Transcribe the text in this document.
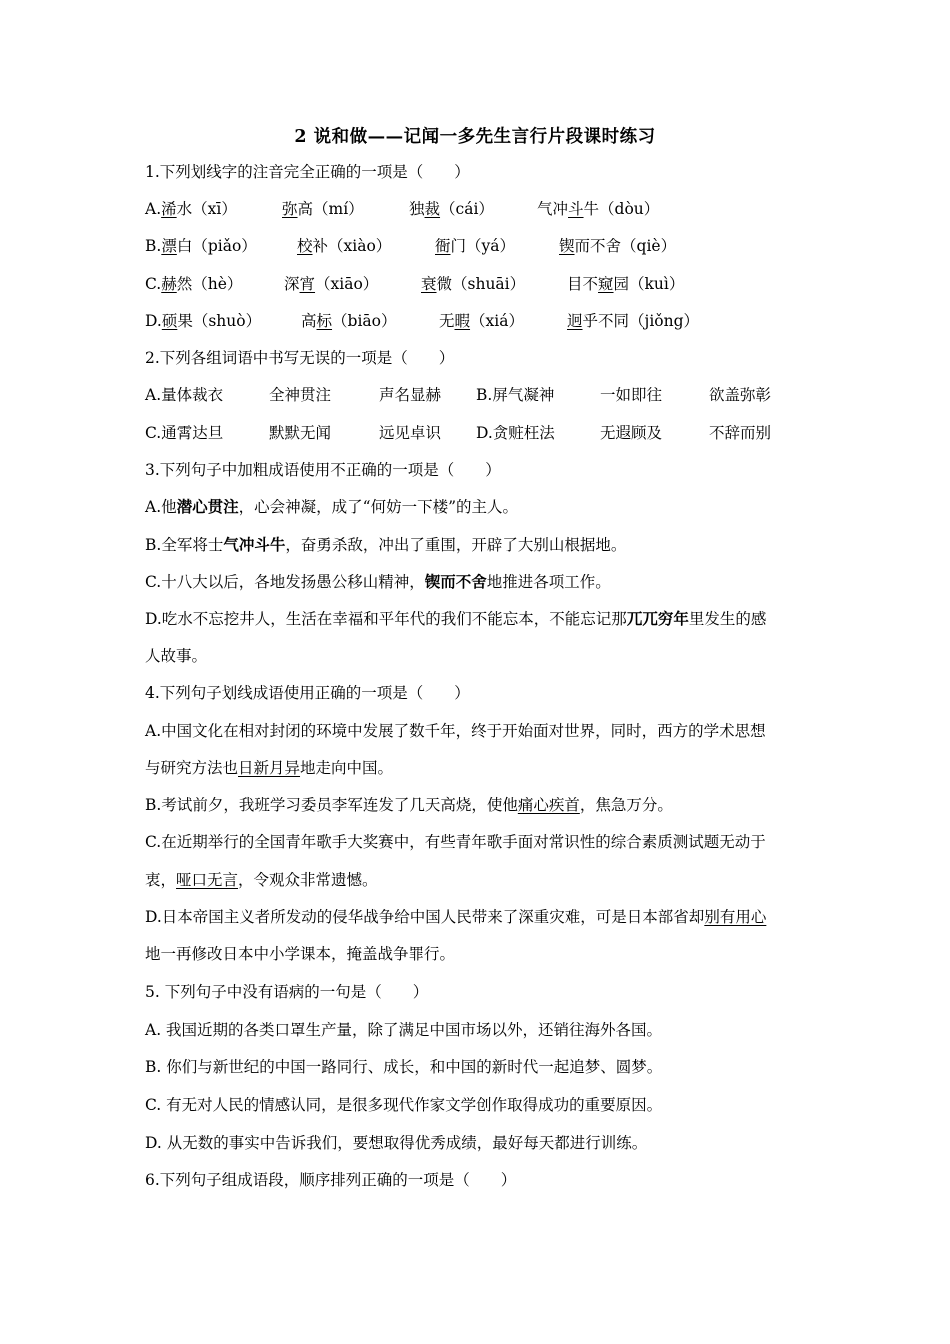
2 说和做——记闻一多先生言行片段课时练习
1.下列划线字的注音完全正确的一项是（　　）
A.浠水（xī）	弥高（mí）	独裁（cái）	气冲斗牛（dòu）
B.漂白（piǎo）	校补（xiào）	衙门（yá）	锲而不舍（qiè）
C.赫然（hè）	深宵（xiāo）	衰微（shuāi）	目不窥园（kuì）
D.硕果（shuò）	高标（biāo）	无暇（xiá）	迥乎不同（jiǒng）
2.下列各组词语中书写无误的一项是（　　）
A.量体裁衣	全神贯注	声名显赫 B.屏气凝神	一如即往	欲盖弥彰
C.通霄达旦	默默无闻	远见卓识 D.贪赃枉法	无遐顾及	不辞而别
3.下列句子中加粗成语使用不正确的一项是（　　）
A.他潜心贯注，心会神凝，成了“何妨一下楼”的主人。
B.全军将士气冲斗牛，奋勇杀敌，冲出了重围，开辟了大别山根据地。
C.十八大以后，各地发扬愚公移山精神，锲而不舍地推进各项工作。
D.吃水不忘挖井人，生活在幸福和平年代的我们不能忘本，不能忘记那兀兀穷年里发生的感
人故事。
4.下列句子划线成语使用正确的一项是（　　）
A.中国文化在相对封闭的环境中发展了数千年，终于开始面对世界，同时，西方的学术思想
与研究方法也日新月异地走向中国。
B.考试前夕，我班学习委员李军连发了几天高烧，使他痛心疾首，焦急万分。
C.在近期举行的全国青年歌手大奖赛中，有些青年歌手面对常识性的综合素质测试题无动于
衷，哑口无言，令观众非常遗憾。
D.日本帝国主义者所发动的侵华战争给中国人民带来了深重灾难，可是日本部省却别有用心
地一再修改日本中小学课本，掩盖战争罪行。
5. 下列句子中没有语病的一句是（　　）
A. 我国近期的各类口罩生产量，除了满足中国市场以外，还销往海外各国。
B. 你们与新世纪的中国一路同行、成长，和中国的新时代一起追梦、圆梦。
C. 有无对人民的情感认同，是很多现代作家文学创作取得成功的重要原因。
D. 从无数的事实中告诉我们，要想取得优秀成绩，最好每天都进行训练。
6.下列句子组成语段，顺序排列正确的一项是（　　）
